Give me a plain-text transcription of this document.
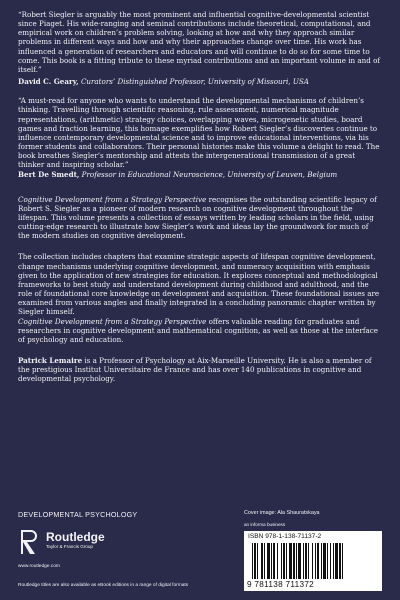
“Robert Siegler is arguably the most prominent and influential cognitive-developmental scientist since Piaget. His wide-ranging and seminal contributions include theoretical, computational, and empirical work on children’s problem solving, looking at how and why they approach similar problems in different ways and how and why their approaches change over time. His work has influenced a generation of researchers and educators and will continue to do so for some time to come. This book is a fitting tribute to these myriad contributions and an important volume in and of itself.”

David C. Geary, Curators’ Distinguished Professor, University of Missouri, USA

“A must-read for anyone who wants to understand the developmental mechanisms of children’s thinking. Travelling through scientific reasoning, rule assessment, numerical magnitude representations, (arithmetic) strategy choices, overlapping waves, microgenetic studies, board games and fraction learning, this homage exemplifies how Robert Siegler’s discoveries continue to influence contemporary developmental science and to improve educational interventions, via his former students and collaborators. Their personal histories make this volume a delight to read. The book breathes Siegler’s mentorship and attests the intergenerational transmission of a great thinker and inspiring scholar.”

Bert De Smedt, Professor in Educational Neuroscience, University of Leuven, Belgium

Cognitive Development from a Strategy Perspective recognises the outstanding scientific legacy of Robert S. Siegler as a pioneer of modern research on cognitive development throughout the lifespan. This volume presents a collection of essays written by leading scholars in the field, using cutting-edge research to illustrate how Siegler’s work and ideas lay the groundwork for much of the modern studies on cognitive development.

The collection includes chapters that examine strategic aspects of lifespan cognitive development, change mechanisms underlying cognitive development, and numeracy acquisition with emphasis given to the application of new strategies for education. It explores conceptual and methodological frameworks to best study and understand development during childhood and adulthood, and the role of foundational core knowledge on development and acquisition. These foundational issues are examined from various angles and finally integrated in a concluding panoramic chapter written by Siegler himself.

Cognitive Development from a Strategy Perspective offers valuable reading for graduates and researchers in cognitive development and mathematical cognition, as well as those at the interface of psychology and education.

Patrick Lemaire is a Professor of Psychology at Aix-Marseille University. He is also a member of the prestigious Institut Universitaire de France and has over 140 publications in cognitive and developmental psychology.

DEVELOPMENTAL PSYCHOLOGY
Routledge
Taylor & Francis Group
www.routledge.com
Routledge titles are also available as eBook editions in a range of digital formats
Cover image: Ala Shauratskaya
an informa business
ISBN 978-1-138-71137-2
9 781138 711372
